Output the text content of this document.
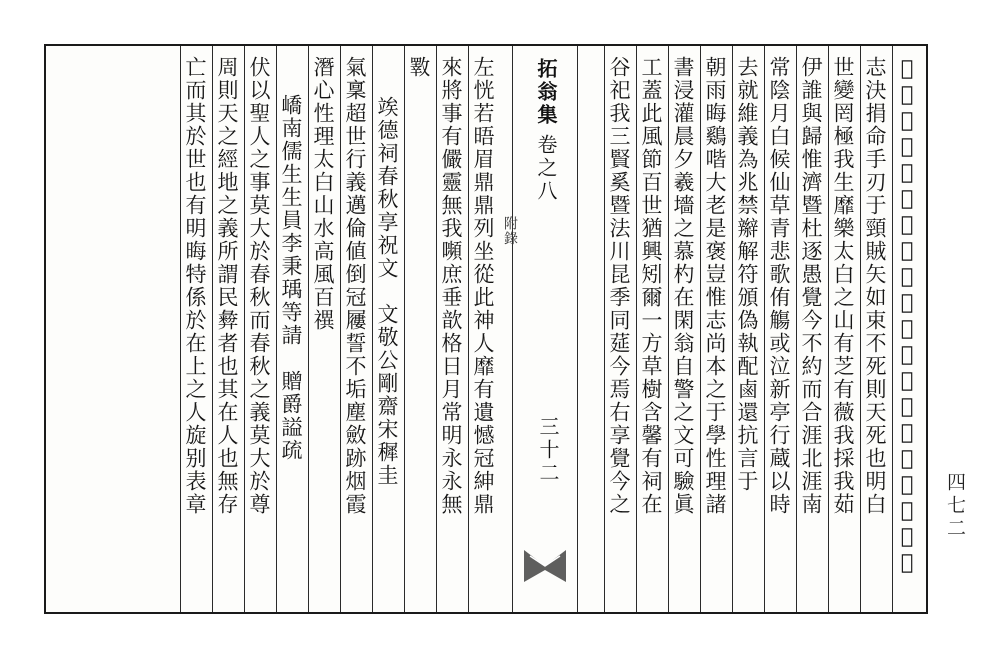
四七二
𦍙鮮先生祖于文淸風儀峻整孝友自性屬當倉卒
志決捐命手刃于頸賊矢如束不死則天死也明白
世變罔極我生靡樂太白之山有芝有薇我採我茹
伊誰與歸惟濟暨杜逐愚覺今不約而合涯北涯南
常陰月白候仙草青悲歌侑觴或泣新亭行蔵以時
去就維義為兆禁辮解符頒偽執配鹵還抗言于
朝雨晦鷄喈大老是褒豈惟志尚本之于學性理諸
書浸灌晨夕羲墻之慕杓在閑翁自警之文可驗眞
工蓋此風節百世猶興矧爾一方草樹含馨有祠在
谷祀我三賢奚暨法川昆季同莚今焉右享覺今之
拓翁集
卷之八
附錄
三十二
左恍若晤眉鼎鼎列坐從此神人靡有遺憾冠紳鼎
來將事有儼靈無我嚬庶垂歆格日月常明永永無
斁
竢德祠春秋享祝文　文敬公剛齋宋穉圭
氣稟超世行義邁倫値倒冠屨誓不垢塵斂跡烟霞
潛心性理太白山水高風百禩
嶠南儒生生員李秉瑀等請　贈爵謚疏
伏以聖人之事莫大於春秋而春秋之義莫大於尊
周則天之經地之義所謂民彜者也其在人也無存
亡而其於世也有明晦特係於在上之人旋别表章
